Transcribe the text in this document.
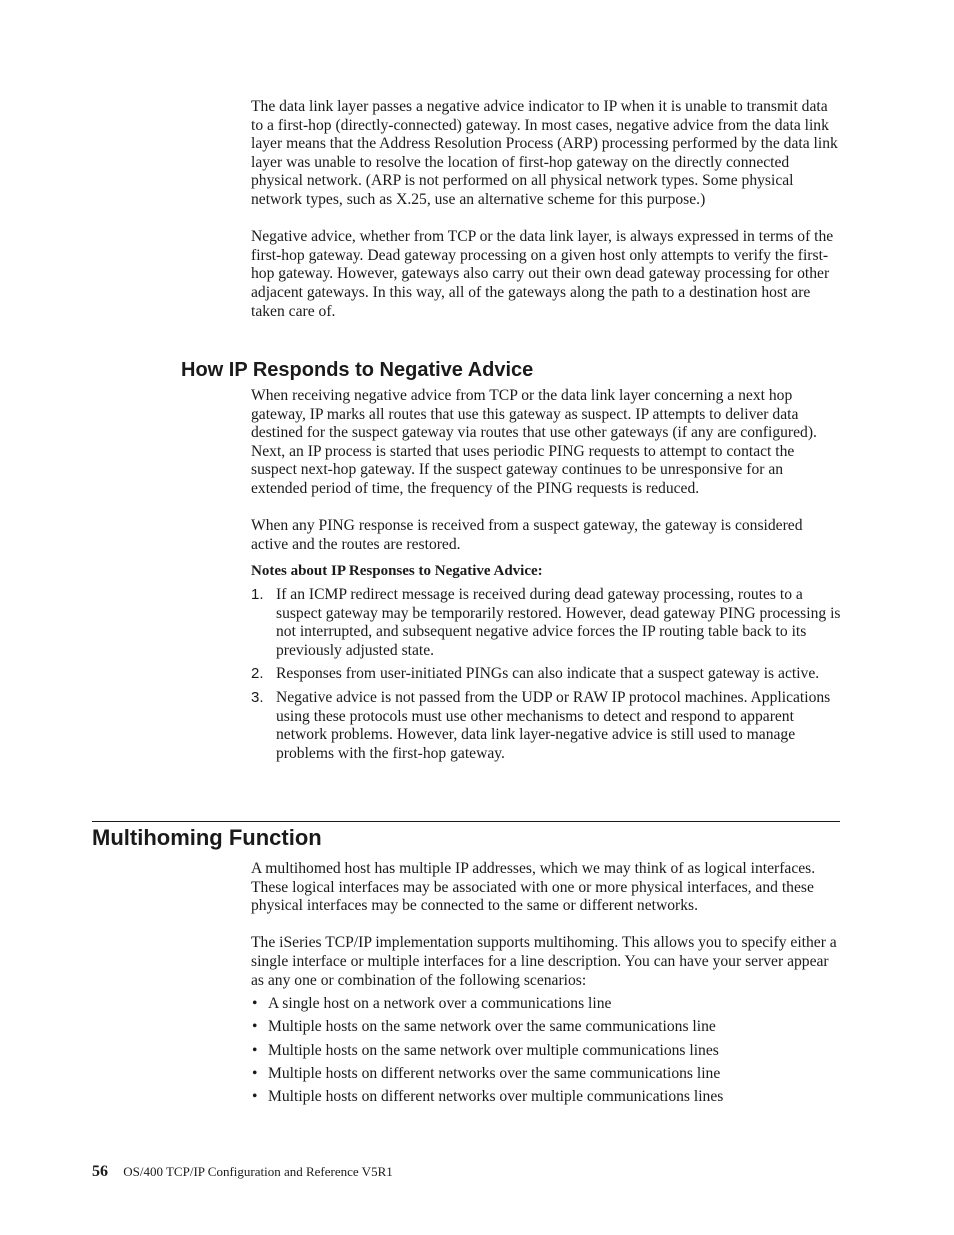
The data link layer passes a negative advice indicator to IP when it is unable to transmit data to a first-hop (directly-connected) gateway. In most cases, negative advice from the data link layer means that the Address Resolution Process (ARP) processing performed by the data link layer was unable to resolve the location of first-hop gateway on the directly connected physical network. (ARP is not performed on all physical network types. Some physical network types, such as X.25, use an alternative scheme for this purpose.)

Negative advice, whether from TCP or the data link layer, is always expressed in terms of the first-hop gateway. Dead gateway processing on a given host only attempts to verify the first-hop gateway. However, gateways also carry out their own dead gateway processing for other adjacent gateways. In this way, all of the gateways along the path to a destination host are taken care of.

How IP Responds to Negative Advice

When receiving negative advice from TCP or the data link layer concerning a next hop gateway, IP marks all routes that use this gateway as suspect. IP attempts to deliver data destined for the suspect gateway via routes that use other gateways (if any are configured). Next, an IP process is started that uses periodic PING requests to attempt to contact the suspect next-hop gateway. If the suspect gateway continues to be unresponsive for an extended period of time, the frequency of the PING requests is reduced.

When any PING response is received from a suspect gateway, the gateway is considered active and the routes are restored.

Notes about IP Responses to Negative Advice:

1. If an ICMP redirect message is received during dead gateway processing, routes to a suspect gateway may be temporarily restored. However, dead gateway PING processing is not interrupted, and subsequent negative advice forces the IP routing table back to its previously adjusted state.
2. Responses from user-initiated PINGs can also indicate that a suspect gateway is active.
3. Negative advice is not passed from the UDP or RAW IP protocol machines. Applications using these protocols must use other mechanisms to detect and respond to apparent network problems. However, data link layer-negative advice is still used to manage problems with the first-hop gateway.
Multihoming Function

A multihomed host has multiple IP addresses, which we may think of as logical interfaces. These logical interfaces may be associated with one or more physical interfaces, and these physical interfaces may be connected to the same or different networks.

The iSeries TCP/IP implementation supports multihoming. This allows you to specify either a single interface or multiple interfaces for a line description. You can have your server appear as any one or combination of the following scenarios:

• A single host on a network over a communications line
• Multiple hosts on the same network over the same communications line
• Multiple hosts on the same network over multiple communications lines
• Multiple hosts on different networks over the same communications line
• Multiple hosts on different networks over multiple communications lines
56 OS/400 TCP/IP Configuration and Reference V5R1
